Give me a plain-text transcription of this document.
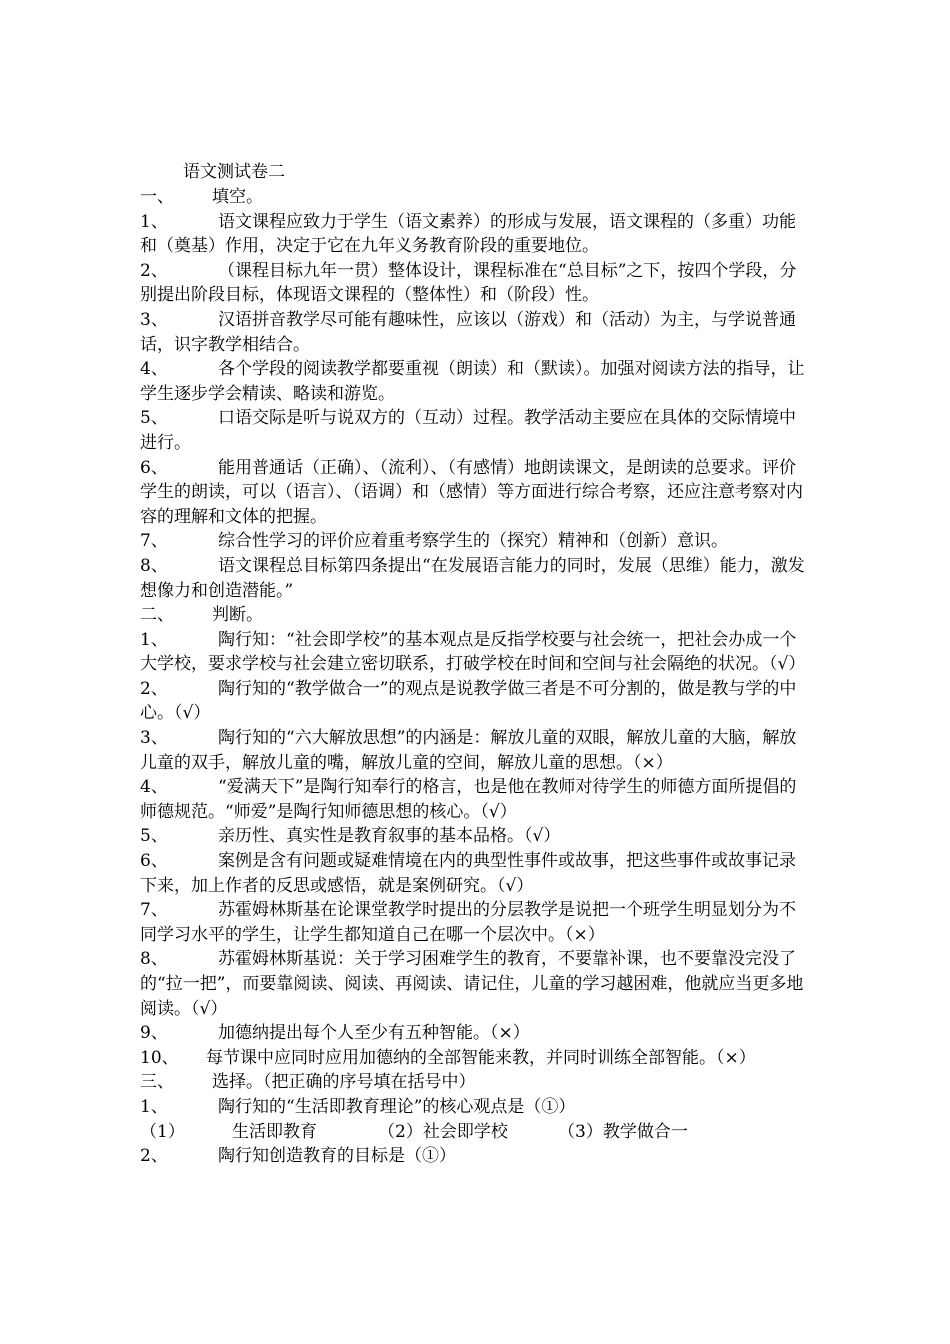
语文测试卷二
一、	填空。

1、	语文课程应致力于学生（语文素养）的形成与发展，语文课程的（多重）功能和（奠基）作用，决定于它在九年义务教育阶段的重要地位。

2、	（课程目标九年一贯）整体设计，课程标准在“总目标”之下，按四个学段，分别提出阶段目标，体现语文课程的（整体性）和（阶段）性。

3、	汉语拼音教学尽可能有趣味性，应该以（游戏）和（活动）为主，与学说普通话，识字教学相结合。

4、	各个学段的阅读教学都要重视（朗读）和（默读）。加强对阅读方法的指导，让学生逐步学会精读、略读和游览。

5、	口语交际是听与说双方的（互动）过程。教学活动主要应在具体的交际情境中进行。

6、	能用普通话（正确）、（流利）、（有感情）地朗读课文，是朗读的总要求。评价学生的朗读，可以（语言）、（语调）和（感情）等方面进行综合考察，还应注意考察对内容的理解和文体的把握。

7、	综合性学习的评价应着重考察学生的（探究）精神和（创新）意识。

8、	语文课程总目标第四条提出“在发展语言能力的同时，发展（思维）能力，激发想像力和创造潜能。”

二、	判断。

1、	陶行知：“社会即学校”的基本观点是反指学校要与社会统一，把社会办成一个大学校，要求学校与社会建立密切联系，打破学校在时间和空间与社会隔绝的状况。（√）

2、	陶行知的“教学做合一”的观点是说教学做三者是不可分割的，做是教与学的中心。（√）

3、	陶行知的“六大解放思想”的内涵是：解放儿童的双眼，解放儿童的大脑，解放儿童的双手，解放儿童的嘴，解放儿童的空间，解放儿童的思想。（×）

4、	“爱满天下”是陶行知奉行的格言，也是他在教师对待学生的师德方面所提倡的师德规范。“师爱”是陶行知师德思想的核心。（√）

5、	亲历性、真实性是教育叙事的基本品格。（√）

6、	案例是含有问题或疑难情境在内的典型性事件或故事，把这些事件或故事记录下来，加上作者的反思或感悟，就是案例研究。（√）

7、	苏霍姆林斯基在论课堂教学时提出的分层教学是说把一个班学生明显划分为不同学习水平的学生，让学生都知道自己在哪一个层次中。（×）

8、	苏霍姆林斯基说：关于学习困难学生的教育，不要靠补课，也不要靠没完没了的“拉一把”，而要靠阅读、阅读、再阅读、请记住，儿童的学习越困难，他就应当更多地阅读。（√）

9、	加德纳提出每个人至少有五种智能。（×）

10、 每节课中应同时应用加德纳的全部智能来教，并同时训练全部智能。（×）

三、	选择。（把正确的序号填在括号中）

1、	陶行知的“生活即教育理论”的核心观点是（①）

（1）	生活即教育	（2）社会即学校	（3）教学做合一

2、	陶行知创造教育的目标是（①）
